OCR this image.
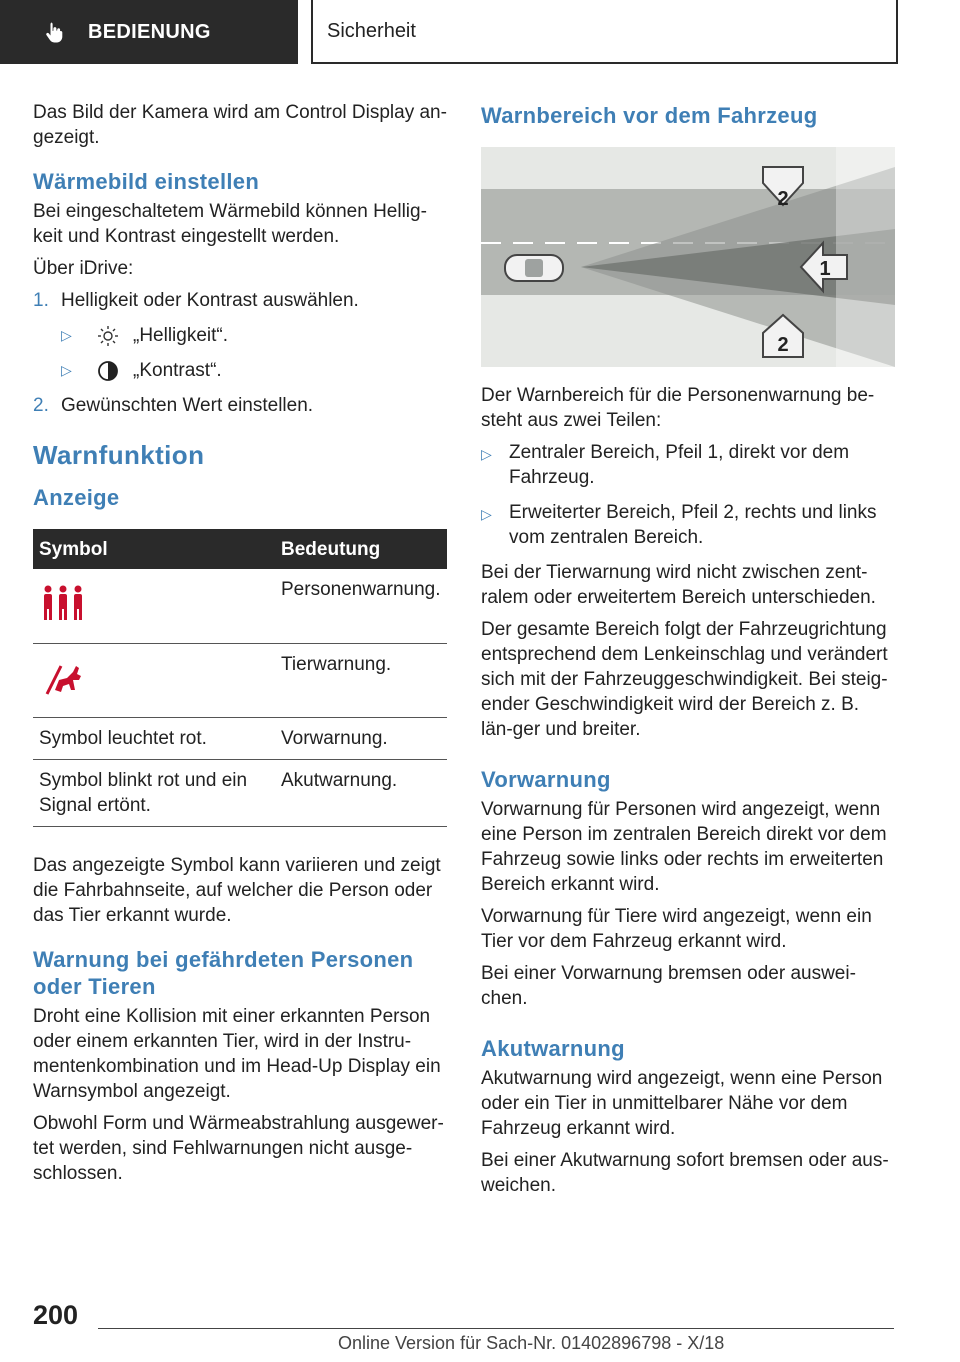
BEDIENUNG	Sicherheit

Das Bild der Kamera wird am Control Display an‐gezeigt.

Wärmebild einstellen

Bei eingeschaltetem Wärmebild können Hellig‐keit und Kontrast eingestellt werden.

Über iDrive:

1. Helligkeit oder Kontrast auswählen.
▷	„Helligkeit“.
▷	„Kontrast“.
2. Gewünschten Wert einstellen.
Warnfunktion
Anzeige
Symbol	Bedeutung
	Personenwarnung.
	Tierwarnung.
Symbol leuchtet rot.	Vorwarnung.
Symbol blinkt rot und ein Signal ertönt.	Akutwarnung.

Das angezeigte Symbol kann variieren und zeigt die Fahrbahnseite, auf welcher die Person oder das Tier erkannt wurde.

Warnung bei gefährdeten Personen oder Tieren

Droht eine Kollision mit einer erkannten Person oder einem erkannten Tier, wird in der Instru‐mentenkombination und im Head-Up Display ein Warnsymbol angezeigt.

Obwohl Form und Wärmeabstrahlung ausgewer‐tet werden, sind Fehlwarnungen nicht ausge‐schlossen.

Warnbereich vor dem Fahrzeug
2
1
2

Der Warnbereich für die Personenwarnung be‐steht aus zwei Teilen:

▷ Zentraler Bereich, Pfeil 1, direkt vor dem Fahrzeug.
▷ Erweiterter Bereich, Pfeil 2, rechts und links vom zentralen Bereich.

Bei der Tierwarnung wird nicht zwischen zent‐ralem oder erweitertem Bereich unterschieden.

Der gesamte Bereich folgt der Fahrzeugrichtung entsprechend dem Lenkeinschlag und verändert sich mit der Fahrzeuggeschwindigkeit. Bei steig‐ender Geschwindigkeit wird der Bereich z. B. län‐ger und breiter.

Vorwarnung

Vorwarnung für Personen wird angezeigt, wenn eine Person im zentralen Bereich direkt vor dem Fahrzeug sowie links oder rechts im erweiterten Bereich erkannt wird.

Vorwarnung für Tiere wird angezeigt, wenn ein Tier vor dem Fahrzeug erkannt wird.

Bei einer Vorwarnung bremsen oder auswei‐chen.

Akutwarnung

Akutwarnung wird angezeigt, wenn eine Person oder ein Tier in unmittelbarer Nähe vor dem Fahrzeug erkannt wird.

Bei einer Akutwarnung sofort bremsen oder aus‐weichen.

200
Online Version für Sach-Nr. 01402896798 - X/18
